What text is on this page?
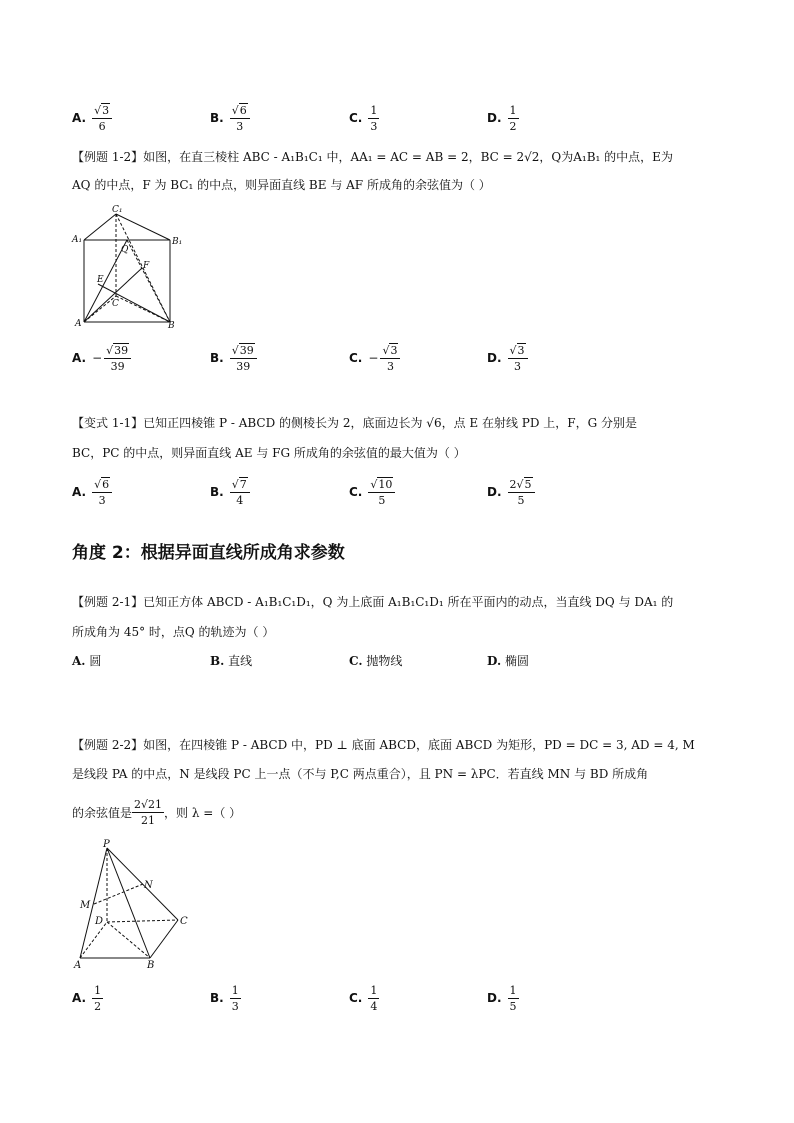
A. $\frac{√3}{6}$	B. $\frac{√6}{3}$	C. $\frac{1}{3}$	D. $\frac{1}{2}$
【例题 1-2】如图，在直三棱柱 ABC - A₁B₁C₁ 中，AA₁ = AC = AB = 2，BC = 2√2，Q为A₁B₁ 的中点，E为
AQ 的中点，F 为 BC₁ 的中点，则异面直线 BE 与 AF 所成角的余弦值为（ ）
C₁
A₁	B₁
Q
E
F
C
A	B
A. − $\frac{√39}{39}$	B. $\frac{√39}{39}$	C. − $\frac{√3}{3}$	D. $\frac{√3}{3}$
【变式 1-1】已知正四棱锥 P - ABCD 的侧棱长为 2，底面边长为 √6，点 E 在射线 PD 上，F，G 分别是
BC，PC 的中点，则异面直线 AE 与 FG 所成角的余弦值的最大值为（ ）
A. $\frac{√6}{3}$	B. $\frac{√7}{4}$	C. $\frac{√10}{5}$	D. $\frac{2√5}{5}$
角度 2：根据异面直线所成角求参数
【例题 2-1】已知正方体 ABCD - A₁B₁C₁D₁，Q 为上底面 A₁B₁C₁D₁ 所在平面内的动点，当直线 DQ 与 DA₁ 的
所成角为 45° 时，点Q 的轨迹为（ ）
A. 圆	B. 直线	C. 抛物线	D. 椭圆
【例题 2-2】如图，在四棱锥 P - ABCD 中，PD ⊥ 底面 ABCD，底面 ABCD 为矩形，PD = DC = 3, AD = 4, M
是线段 PA 的中点，N 是线段 PC 上一点（不与 P,C 两点重合），且 PN = λPC．若直线 MN 与 BD 所成角
的余弦值是 $\frac{2√21}{21}$ ，则 λ =（ ）
P
N
M
D	C
A	B
A. $\frac{1}{2}$	B. $\frac{1}{3}$	C. $\frac{1}{4}$	D. $\frac{1}{5}$
